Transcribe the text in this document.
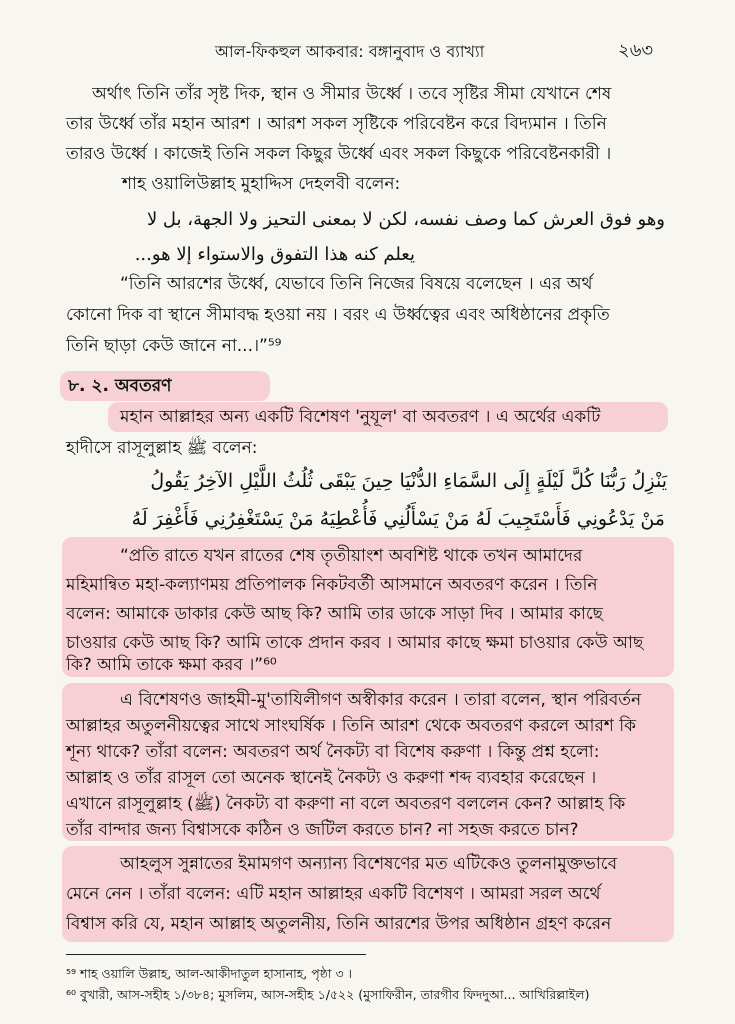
আল-ফিকহুল আকবার: বঙ্গানুবাদ ও ব্যাখ্যা	২৬৩
অর্থাৎ তিনি তাঁর সৃষ্ট দিক, স্থান ও সীমার উর্ধ্বে । তবে সৃষ্টির সীমা যেখানে শেষ
তার উর্ধ্বে তাঁর মহান আরশ । আরশ সকল সৃষ্টিকে পরিবেষ্টন করে বিদ্যমান । তিনি
তারও উর্ধ্বে । কাজেই তিনি সকল কিছুর উর্ধ্বে এবং সকল কিছুকে পরিবেষ্টনকারী ।
শাহ ওয়ালিউল্লাহ মুহাদ্দিস দেহলবী বলেন:
وهو فوق العرش كما وصف نفسه، لكن لا بمعنى التحيز ولا الجهة، بل لا
يعلم كنه هذا التفوق والاستواء إلا هو...
“তিনি আরশের উর্ধ্বে, যেভাবে তিনি নিজের বিষয়ে বলেছেন । এর অর্থ
কোনো দিক বা স্থানে সীমাবদ্ধ হওয়া নয় । বরং এ উর্ধ্বত্বের এবং অধিষ্ঠানের প্রকৃতি
তিনি ছাড়া কেউ জানে না...।”⁵⁹
৮. ২. অবতরণ
মহান আল্লাহর অন্য একটি বিশেষণ 'নুযূল' বা অবতরণ । এ অর্থের একটি
হাদীসে রাসূলুল্লাহ ﷺ বলেন:
يَنْزِلُ رَبُّنَا كُلَّ لَيْلَةٍ إِلَى السَّمَاءِ الدُّنْيَا حِينَ يَبْقَى ثُلُثُ اللَّيْلِ الآخِرُ يَقُولُ
مَنْ يَدْعُونِي فَأَسْتَجِيبَ لَهُ مَنْ يَسْأَلُنِي فَأُعْطِيَهُ مَنْ يَسْتَغْفِرُنِي فَأَغْفِرَ لَهُ
“প্রতি রাতে যখন রাতের শেষ তৃতীয়াংশ অবশিষ্ট থাকে তখন আমাদের
মহিমান্বিত মহা-কল্যাণময় প্রতিপালক নিকটবর্তী আসমানে অবতরণ করেন । তিনি
বলেন: আমাকে ডাকার কেউ আছ কি? আমি তার ডাকে সাড়া দিব । আমার কাছে
চাওয়ার কেউ আছ কি? আমি তাকে প্রদান করব । আমার কাছে ক্ষমা চাওয়ার কেউ আছ
কি? আমি তাকে ক্ষমা করব ।”⁶⁰
এ বিশেষণও জাহমী-মু'তাযিলীগণ অস্বীকার করেন । তারা বলেন, স্থান পরিবর্তন
আল্লাহর অতুলনীয়ত্বের সাথে সাংঘর্ষিক । তিনি আরশ থেকে অবতরণ করলে আরশ কি
শূন্য থাকে? তাঁরা বলেন: অবতরণ অর্থ নৈকট্য বা বিশেষ করুণা । কিন্তু প্রশ্ন হলো:
আল্লাহ ও তাঁর রাসূল তো অনেক স্থানেই নৈকট্য ও করুণা শব্দ ব্যবহার করেছেন ।
এখানে রাসূলুল্লাহ (ﷺ) নৈকট্য বা করুণা না বলে অবতরণ বললেন কেন? আল্লাহ কি
তাঁর বান্দার জন্য বিশ্বাসকে কঠিন ও জটিল করতে চান? না সহজ করতে চান?
আহলুস সুন্নাতের ইমামগণ অন্যান্য বিশেষণের মত এটিকেও তুলনামুক্তভাবে
মেনে নেন । তাঁরা বলেন: এটি মহান আল্লাহর একটি বিশেষণ । আমরা সরল অর্থে
বিশ্বাস করি যে, মহান আল্লাহ অতুলনীয়, তিনি আরশের উপর অধিষ্ঠান গ্রহণ করেন
⁵⁹ শাহ ওয়ালি উল্লাহ, আল-আকীদাতুল হাসানাহ, পৃষ্ঠা ৩ ।
⁶⁰ বুখারী, আস-সহীহ ১/৩৮৪; মুসলিম, আস-সহীহ ১/৫২২ (মুসাফিরীন, তারগীব ফিদদুআ... আখিরিল্লাইল)
